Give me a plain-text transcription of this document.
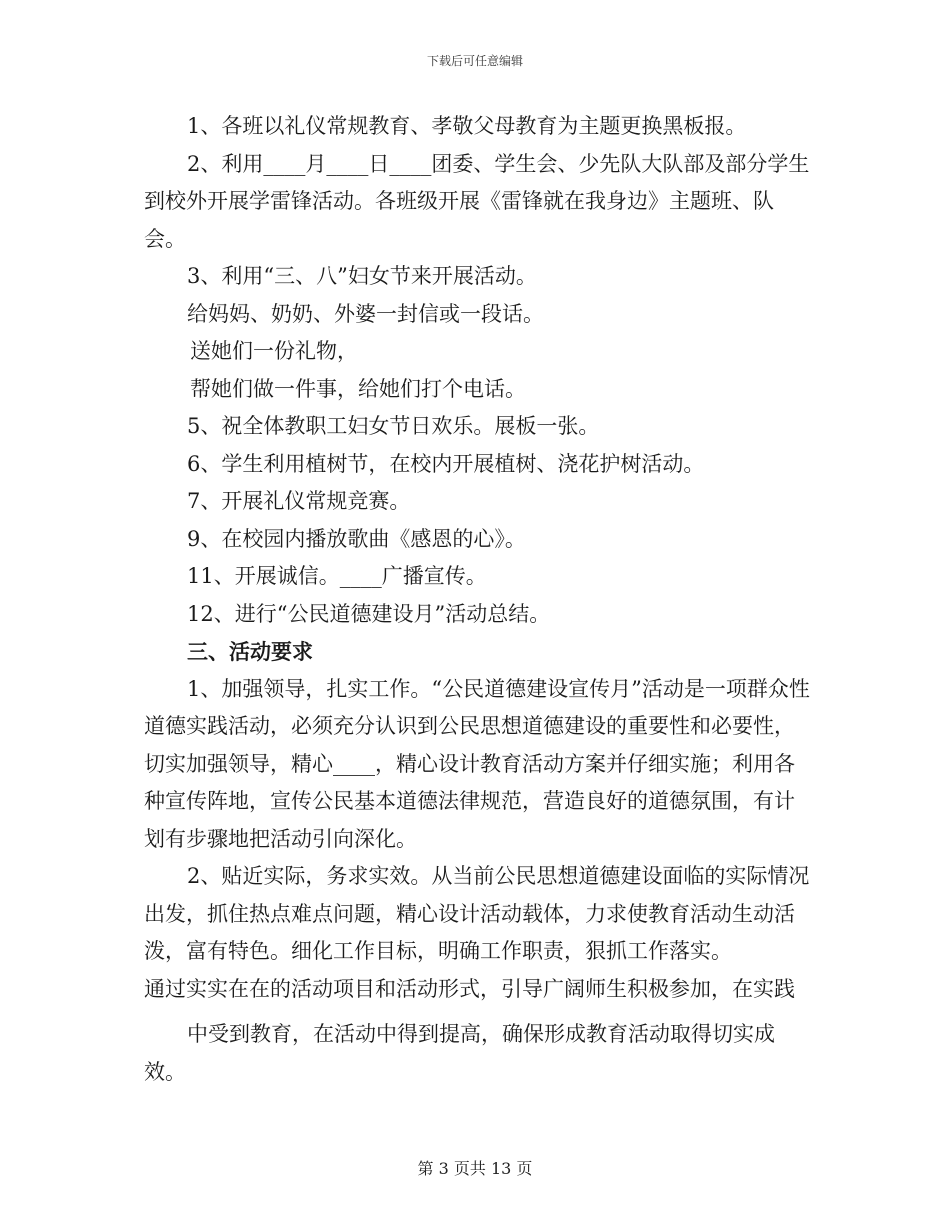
下载后可任意编辑

1、各班以礼仪常规教育、孝敬父母教育为主题更换黑板报。

2、利用____月____日____团委、学生会、少先队大队部及部分学生到校外开展学雷锋活动。各班级开展《雷锋就在我身边》主题班、队会。

3、利用“三、八”妇女节来开展活动。

给妈妈、奶奶、外婆一封信或一段话。

送她们一份礼物，

帮她们做一件事，给她们打个电话。

5、祝全体教职工妇女节日欢乐。展板一张。

6、学生利用植树节，在校内开展植树、浇花护树活动。

7、开展礼仪常规竞赛。

9、在校园内播放歌曲《感恩的心》。

11、开展诚信。____广播宣传。

12、进行“公民道德建设月”活动总结。

三、活动要求

1、加强领导，扎实工作。“公民道德建设宣传月”活动是一项群众性道德实践活动，必须充分认识到公民思想道德建设的重要性和必要性，切实加强领导，精心____，精心设计教育活动方案并仔细实施；利用各种宣传阵地，宣传公民基本道德法律规范，营造良好的道德氛围，有计划有步骤地把活动引向深化。

2、贴近实际，务求实效。从当前公民思想道德建设面临的实际情况出发，抓住热点难点问题，精心设计活动载体，力求使教育活动生动活泼，富有特色。细化工作目标，明确工作职责，狠抓工作落实。

通过实实在在的活动项目和活动形式，引导广阔师生积极参加，在实践

中受到教育，在活动中得到提高，确保形成教育活动取得切实成效。

第 3 页共 13 页
